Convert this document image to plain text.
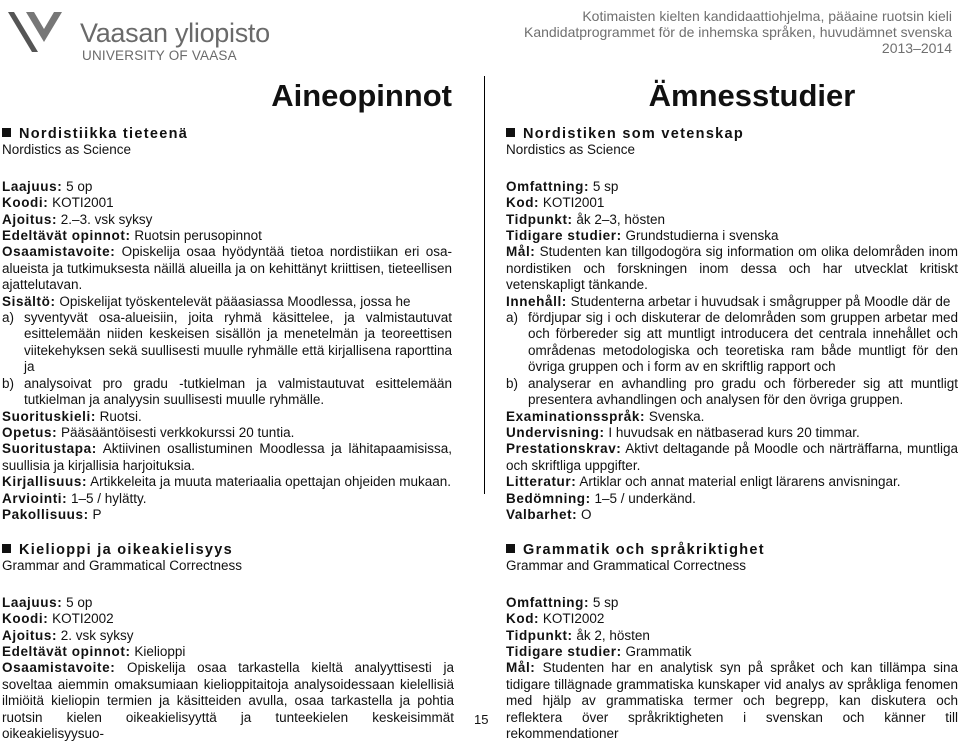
Vaasan yliopisto
UNIVERSITY OF VAASA
Kotimaisten kielten kandidaattiohjelma, pääaine ruotsin kieli
Kandidatprogrammet för de inhemska språken, huvudämnet svenska
2013–2014
Aineopinnot
Nordistiikka tieteenä
Nordistics as Science

Laajuus: 5 op

Koodi: KOTI2001

Ajoitus: 2.–3. vsk syksy

Edeltävät opinnot: Ruotsin perusopinnot

Osaamistavoite: Opiskelija osaa hyödyntää tietoa nordistiikan eri osa-alueista ja tutkimuksesta näillä alueilla ja on kehittänyt kriittisen, tieteellisen ajattelutavan.

Sisältö: Opiskelijat työskentelevät pääasiassa Moodlessa, jossa he

a) syventyvät osa-alueisiin, joita ryhmä käsittelee, ja valmistautuvat esittelemään niiden keskeisen sisällön ja menetelmän ja teoreettisen viitekehyksen sekä suullisesti muulle ryhmälle että kirjallisena raporttina ja
b) analysoivat pro gradu -tutkielman ja valmistautuvat esittelemään tutkielman ja analyysin suullisesti muulle ryhmälle.

Suorituskieli: Ruotsi.

Opetus: Pääsääntöisesti verkkokurssi 20 tuntia.

Suoritustapa: Aktiivinen osallistuminen Moodlessa ja lähitapaamisissa, suullisia ja kirjallisia harjoituksia.

Kirjallisuus: Artikkeleita ja muuta materiaalia opettajan ohjeiden mukaan.

Arviointi: 1–5 / hylätty.

Pakollisuus: P

Ämnesstudier
Nordistiken som vetenskap
Nordistics as Science

Omfattning: 5 sp

Kod: KOTI2001

Tidpunkt: åk 2–3, hösten

Tidigare studier: Grundstudierna i svenska

Mål: Studenten kan tillgodogöra sig information om olika delområden inom nordistiken och forskningen inom dessa och har utvecklat kritiskt vetenskapligt tänkande.

Innehåll: Studenterna arbetar i huvudsak i smågrupper på Moodle där de

a) fördjupar sig i och diskuterar de delområden som gruppen arbetar med och förbereder sig att muntligt introducera det centrala innehållet och områdenas metodologiska och teoretiska ram både muntligt för den övriga gruppen och i form av en skriftlig rapport och
b) analyserar en avhandling pro gradu och förbereder sig att muntligt presentera avhandlingen och analysen för den övriga gruppen.

Examinationsspråk: Svenska.

Undervisning: I huvudsak en nätbaserad kurs 20 timmar.

Prestationskrav: Aktivt deltagande på Moodle och närträffarna, muntliga och skriftliga uppgifter.

Litteratur: Artiklar och annat material enligt lärarens anvisningar.

Bedömning: 1–5 / underkänd.

Valbarhet: O

Kielioppi ja oikeakielisyys
Grammar and Grammatical Correctness

Laajuus: 5 op

Koodi: KOTI2002

Ajoitus: 2. vsk syksy

Edeltävät opinnot: Kielioppi

Osaamistavoite: Opiskelija osaa tarkastella kieltä analyyttisesti ja soveltaa aiemmin omaksumiaan kielioppitaitoja analysoidessaan kielellisiä ilmiöitä kieliopin termien ja käsitteiden avulla, osaa tarkastella ja pohtia ruotsin kielen oikeakielisyyttä ja tunteekielen keskeisimmät oikeakielisyysuo-

Grammatik och språkriktighet
Grammar and Grammatical Correctness

Omfattning: 5 sp

Kod: KOTI2002

Tidpunkt: åk 2, hösten

Tidigare studier: Grammatik

Mål: Studenten har en analytisk syn på språket och kan tillämpa sina tidigare tillägnade grammatiska kunskaper vid analys av språkliga fenomen med hjälp av grammatiska termer och begrepp, kan diskutera och reflektera över språkriktigheten i svenskan och känner till rekommendationer

15
